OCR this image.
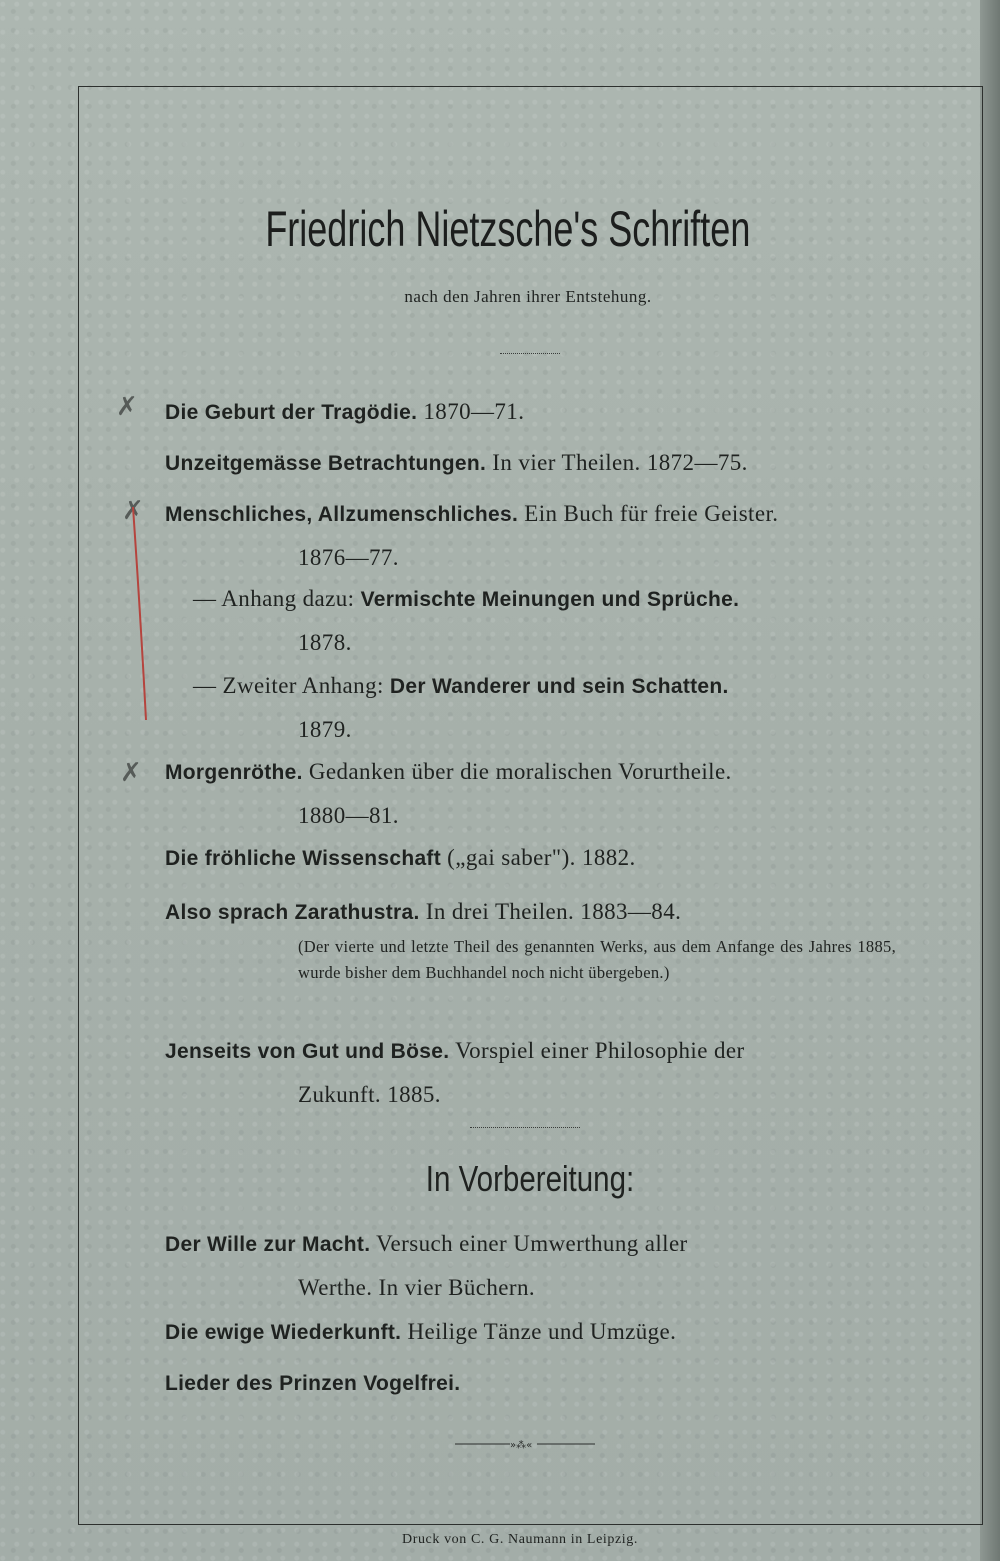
Friedrich Nietzsche's Schriften
nach den Jahren ihrer Entstehung.
✗
✗
✗
Die Geburt der Tragödie. 1870—71.
Unzeitgemässe Betrachtungen. In vier Theilen. 1872—75.
Menschliches, Allzumenschliches. Ein Buch für freie Geister.
1876—77.
— Anhang dazu: Vermischte Meinungen und Sprüche.
1878.
— Zweiter Anhang: Der Wanderer und sein Schatten.
1879.
Morgenröthe. Gedanken über die moralischen Vorurtheile.
1880—81.
Die fröhliche Wissenschaft („gai saber"). 1882.
Also sprach Zarathustra. In drei Theilen. 1883—84.
(Der vierte und letzte Theil des genannten Werks, aus dem Anfange des Jahres 1885, wurde bisher dem Buchhandel noch nicht übergeben.)
Jenseits von Gut und Böse. Vorspiel einer Philosophie der
Zukunft. 1885.
In Vorbereitung:
Der Wille zur Macht. Versuch einer Umwerthung aller
Werthe. In vier Büchern.
Die ewige Wiederkunft. Heilige Tänze und Umzüge.
Lieder des Prinzen Vogelfrei.
»⁂«
Druck von C. G. Naumann in Leipzig.
